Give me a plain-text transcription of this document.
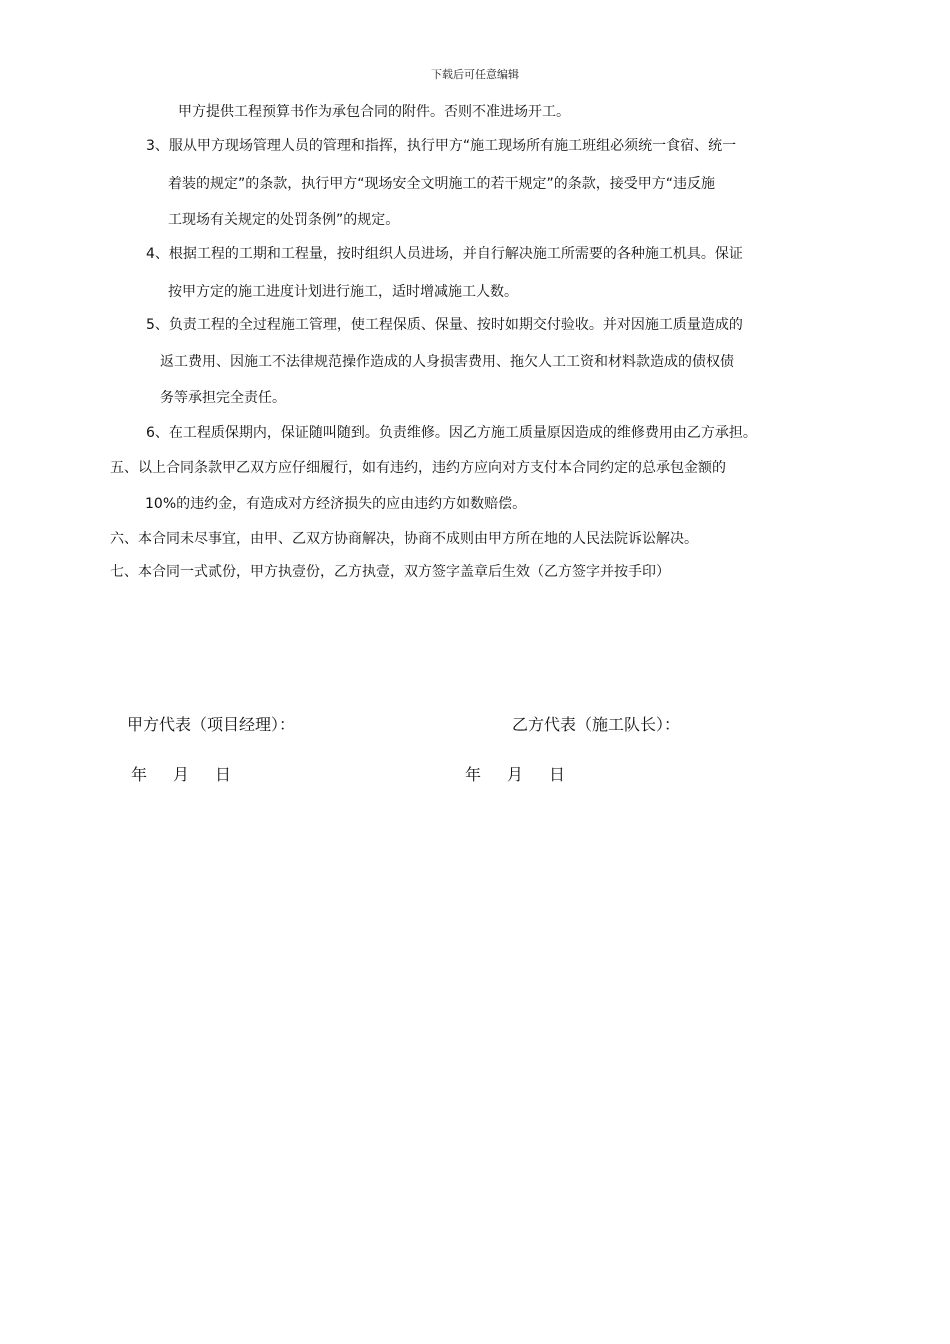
下载后可任意编辑
甲方提供工程预算书作为承包合同的附件。否则不准进场开工。
3、服从甲方现场管理人员的管理和指挥，执行甲方“施工现场所有施工班组必须统一食宿、统一
着装的规定”的条款，执行甲方“现场安全文明施工的若干规定”的条款，接受甲方“违反施
工现场有关规定的处罚条例”的规定。
4、根据工程的工期和工程量，按时组织人员进场，并自行解决施工所需要的各种施工机具。保证
按甲方定的施工进度计划进行施工，适时增减施工人数。
5、负责工程的全过程施工管理，使工程保质、保量、按时如期交付验收。并对因施工质量造成的
返工费用、因施工不法律规范操作造成的人身损害费用、拖欠人工工资和材料款造成的债权债
务等承担完全责任。
6、在工程质保期内，保证随叫随到。负责维修。因乙方施工质量原因造成的维修费用由乙方承担。
五、以上合同条款甲乙双方应仔细履行，如有违约，违约方应向对方支付本合同约定的总承包金额的
10%的违约金，有造成对方经济损失的应由违约方如数赔偿。
六、本合同未尽事宜，由甲、乙双方协商解决，协商不成则由甲方所在地的人民法院诉讼解决。
七、本合同一式贰份，甲方执壹份，乙方执壹，双方签字盖章后生效（乙方签字并按手印）
甲方代表（项目经理）：	乙方代表（施工队长）：
年 月 日	年 月 日
